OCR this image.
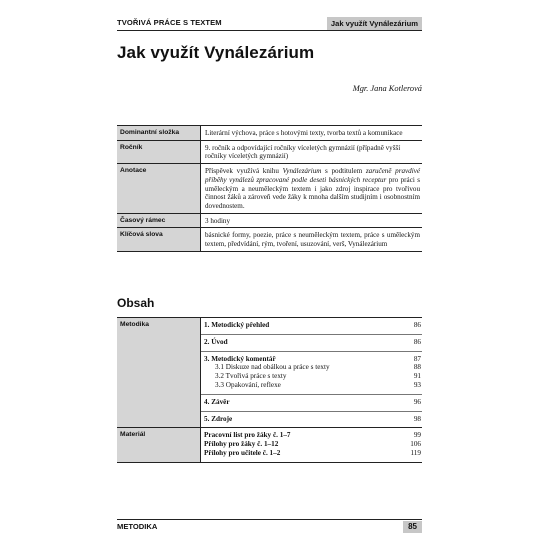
TVOŘIVÁ PRÁCE S TEXTEM	Jak využít Vynálezárium
Jak využít Vynálezárium
Mgr. Jana Kotlerová
Dominantní složka	Literární výchova, práce s hotovými texty, tvorba textů a komunikace
Ročník	9. ročník a odpovídající ročníky víceletých gymnázií (případně vyšší ročníky víceletých gymnázií)
Anotace	Příspěvek využívá knihu Vynálezárium s podtitulem zaručeně pravdivé příběhy vynálezů zpracované podle deseti básnických receptur pro práci s uměleckým a neuměleckým textem i jako zdroj inspirace pro tvořivou činnost žáků a zároveň vede žáky k mnoha dalším studijním i osobnostním dovednostem.
Časový rámec	3 hodiny
Klíčová slova	básnické formy, poezie, práce s neuměleckým textem, práce s uměleckým textem, předvídání, rým, tvoření, usuzování, verš, Vynálezárium
Obsah
Metodika	1. Metodický přehled	86
2. Úvod	86
3. Metodický komentář	87
3.1 Diskuze nad obálkou a práce s texty	88
3.2 Tvořivá práce s texty	91
3.3 Opakování, reflexe	93
4. Závěr	96
5. Zdroje	98
Materiál	Pracovní list pro žáky č. 1–7	99
Přílohy pro žáky č. 1–12	106
Přílohy pro učitele č. 1–2	119
METODIKA	85
